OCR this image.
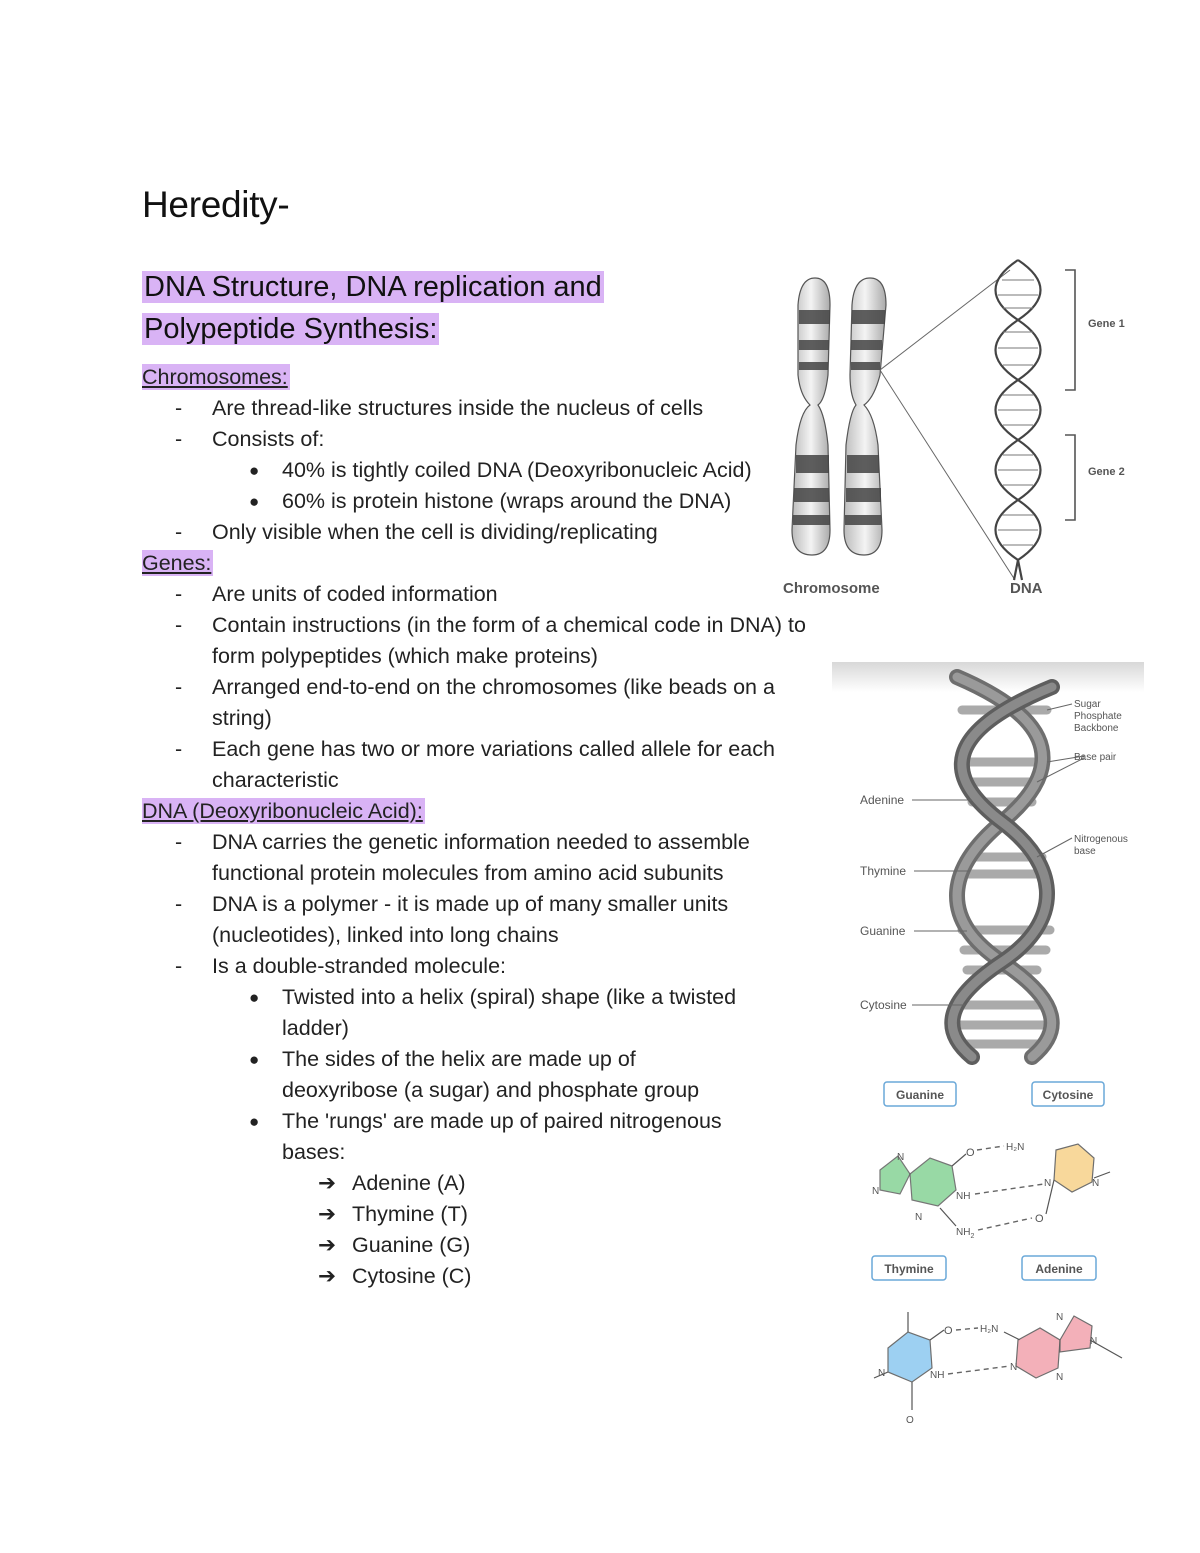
Heredity-
DNA Structure, DNA replication and
Polypeptide Synthesis:
Chromosomes:
- Are thread-like structures inside the nucleus of cells
- Consists of:
● 40% is tightly coiled DNA (Deoxyribonucleic Acid)
● 60% is protein histone (wraps around the DNA)
- Only visible when the cell is dividing/replicating
Genes:
- Are units of coded information
- Contain instructions (in the form of a chemical code in DNA) to form polypeptides (which make proteins)
- Arranged end-to-end on the chromosomes (like beads on a string)
- Each gene has two or more variations called allele for each characteristic
DNA (Deoxyribonucleic Acid):
- DNA carries the genetic information needed to assemble functional protein molecules from amino acid subunits
- DNA is a polymer - it is made up of many smaller units (nucleotides), linked into long chains
- Is a double-stranded molecule:
● Twisted into a helix (spiral) shape (like a twisted ladder)
● The sides of the helix are made up of deoxyribose (a sugar) and phosphate group
● The 'rungs' are made up of paired nitrogenous bases:
➔ Adenine (A)
➔ Thymine (T)
➔ Guanine (G)
➔ Cytosine (C)
Gene 1
Gene 2
Chromosome	DNA
Adenine
Thymine
Guanine
Cytosine
Sugar
Phosphate
Backbone
Base pair
Nitrogenous
base
Guanine	Cytosine
N
N
N
O
NH
$NH_2$
H₂N
N	N
O
Thymine	Adenine
N
O
O
NH
H₂N
N
N
N
N
